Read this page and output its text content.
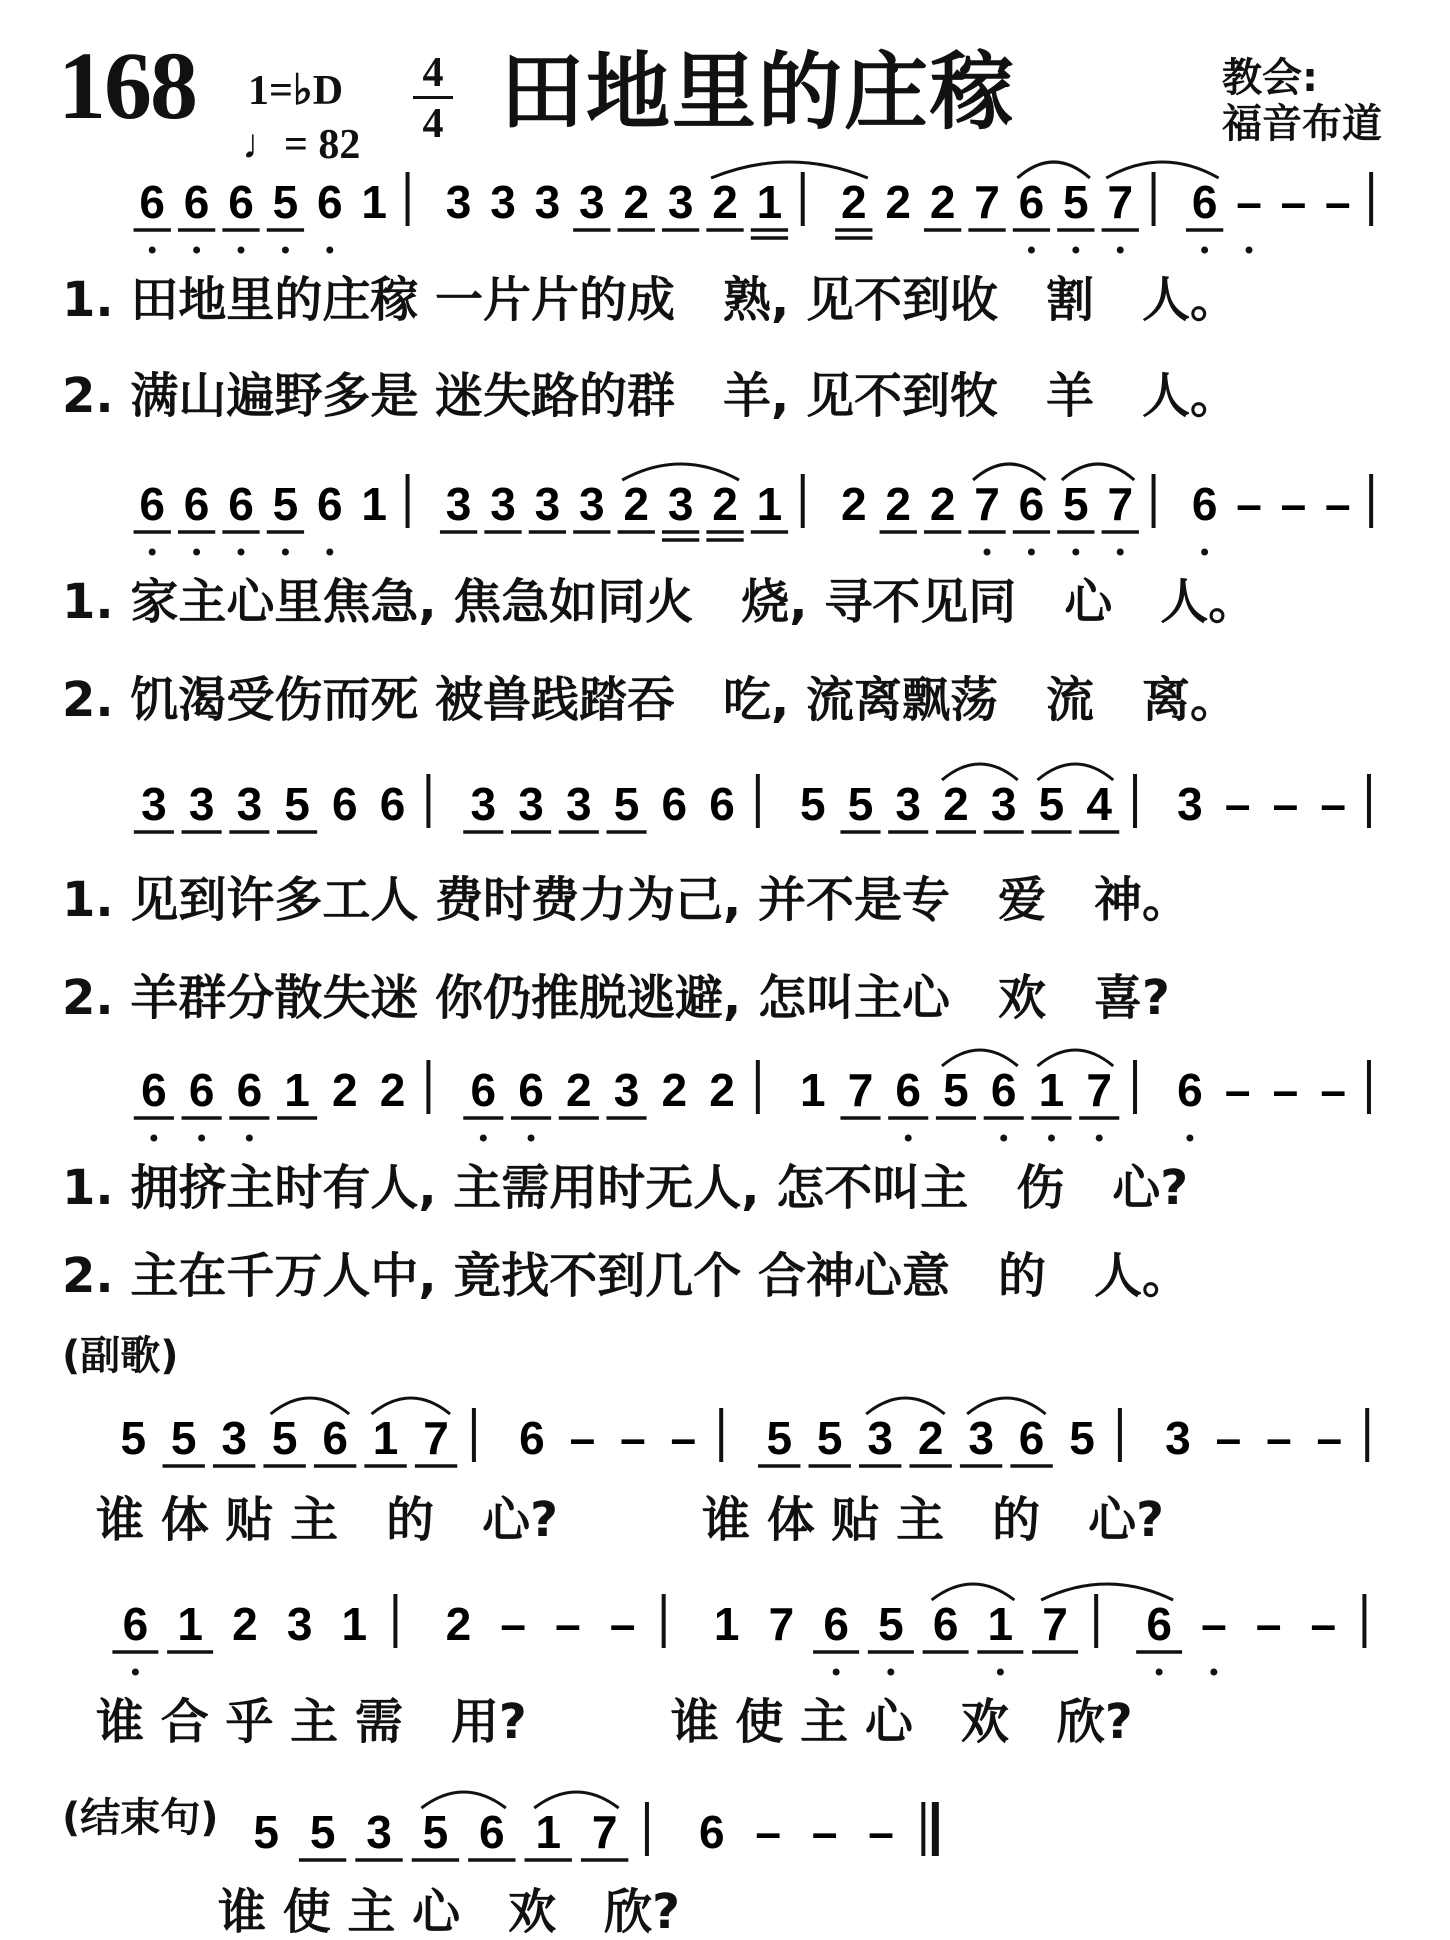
168 1=♭D
♩= $82 \frac{4}{4}$ 田地里的庄稼	教会:
福音布道
6 6 6 5 6 1 3 3 3 3 2 3 2 1 2 2 2 7 6 5 7 6 – – –
6 6 6 5 6 1 3 3 3 3 2 3 2 1 2 2 2 7 6 5 7 6 – – –
3 3 3 5 6 6 3 3 3 5 6 6 5 5 3 2 3 5 4 3 – – –
6 6 6 1 2 2 6 6 2 3 2 2 1 7 6 5 6 1 7 6 – – –
5 5 3 5 6 1 7 6 – – – 5 5 3 2 3 6 5 3 – – –
6 1 2 3 1 2 – – – 1 7 6 5 6 1 7 6 – – –
5 5 3 5 6 1 7 6 – – –
1. 田地里的庄稼 一片片的成　熟, 见不到收　割　人。
2. 满山遍野多是 迷失路的群　羊, 见不到牧　羊　人。
1. 家主心里焦急, 焦急如同火　烧, 寻不见同　心　人。
2. 饥渴受伤而死 被兽践踏吞　吃, 流离飘荡　流　离。
1. 见到许多工人 费时费力为己, 并不是专　爱　神。
2. 羊群分散失迷 你仍推脱逃避, 怎叫主心　欢　喜?
1. 拥挤主时有人, 主需用时无人, 怎不叫主　伤　心?
2. 主在千万人中, 竟找不到几个 合神心意　的　人。
(副歌)
谁 体 贴 主　的　心?　　　谁 体 贴 主　的　心?
谁 合 乎 主 需　用?　　　谁 使 主 心　欢　欣?
(结束句)
谁 使 主 心　欢　欣?
